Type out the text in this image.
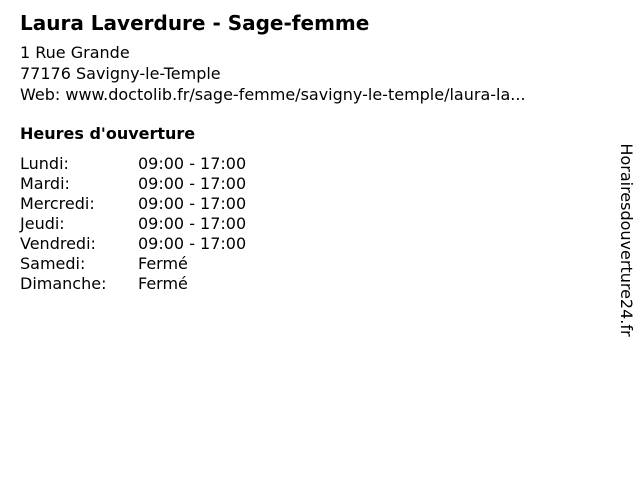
Laura Laverdure - Sage-femme
1 Rue Grande
77176 Savigny-le-Temple
Web: www.doctolib.fr/sage-femme/savigny-le-temple/laura-la...
Heures d'ouverture
Lundi:	09:00 - 17:00
Mardi:	09:00 - 17:00
Mercredi:	09:00 - 17:00
Jeudi:	09:00 - 17:00
Vendredi:	09:00 - 17:00
Samedi:	Fermé
Dimanche: Fermé	Horairesdouverture24.fr
